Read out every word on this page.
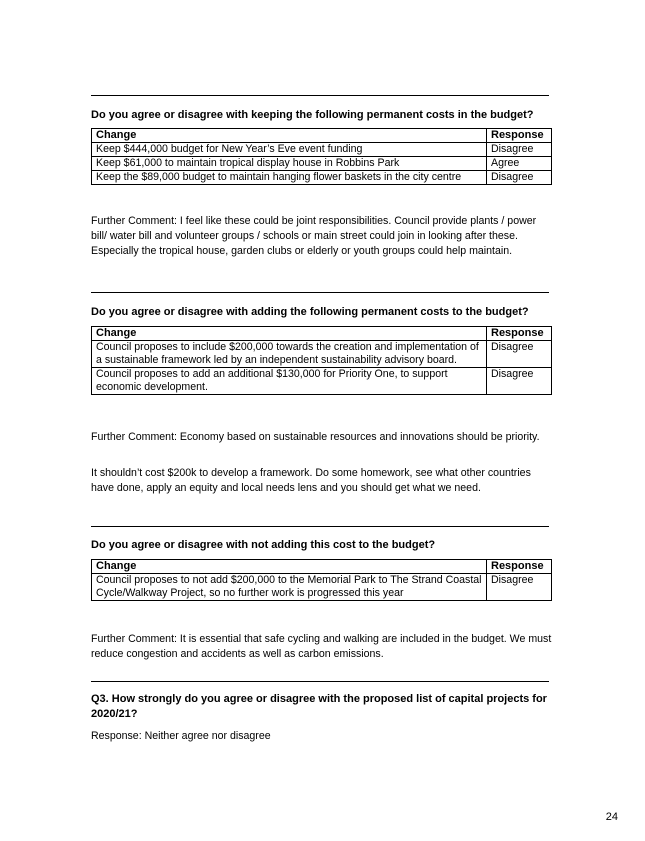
Do you agree or disagree with keeping the following permanent costs in the budget?
Change	Response
Keep $444,000 budget for New Year’s Eve event funding	Disagree
Keep $61,000 to maintain tropical display house in Robbins Park	Agree
Keep the $89,000 budget to maintain hanging flower baskets in the city centre	Disagree
Further Comment: I feel like these could be joint responsibilities. Council provide plants / power bill/ water bill and volunteer groups / schools or main street could join in looking after these. Especially the tropical house, garden clubs or elderly or youth groups could help maintain.
Do you agree or disagree with adding the following permanent costs to the budget?
Change	Response
Council proposes to include $200,000 towards the creation and implementation of a sustainable framework led by an independent sustainability advisory board.	Disagree
Council proposes to add an additional $130,000 for Priority One, to support economic development.	Disagree
Further Comment: Economy based on sustainable resources and innovations should be priority.
It shouldn’t cost $200k to develop a framework. Do some homework, see what other countries have done, apply an equity and local needs lens and you should get what we need.
Do you agree or disagree with not adding this cost to the budget?
Change	Response
Council proposes to not add $200,000 to the Memorial Park to The Strand Coastal Cycle/Walkway Project, so no further work is progressed this year	Disagree
Further Comment: It is essential that safe cycling and walking are included in the budget. We must reduce congestion and accidents as well as carbon emissions.
Q3. How strongly do you agree or disagree with the proposed list of capital projects for 2020/21?
Response: Neither agree nor disagree
24
